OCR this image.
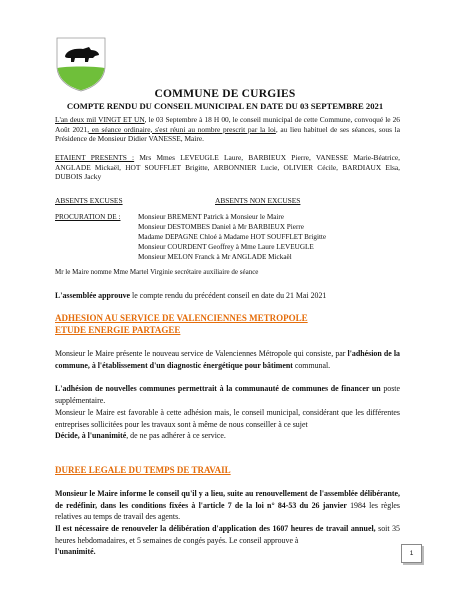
COMMUNE DE CURGIES
COMPTE RENDU DU CONSEIL MUNICIPAL EN DATE DU 03 SEPTEMBRE 2021
L'an deux mil VINGT ET UN, le 03 Septembre à 18 H 00, le conseil municipal de cette Commune, convoqué le 26 Août 2021, en séance ordinaire, s'est réuni au nombre prescrit par la loi, au lieu habituel de ses séances, sous la Présidence de Monsieur Didier VANESSE, Maire.
ETAIENT PRESENTS : Mrs Mmes LEVEUGLE Laure, BARBIEUX Pierre, VANESSE Marie-Béatrice, ANGLADE Mickaël, HOT SOUFFLET Brigitte, ARBONNIER Lucie, OLIVIER Cécile, BARDIAUX Elsa, DUBOIS Jacky
ABSENTS EXCUSES	ABSENTS NON EXCUSES
PROCURATION DE :	Monsieur BREMENT Patrick à Monsieur le Maire
Monsieur DESTOMBES Daniel à Mr BARBIEUX Pierre
Madame DEPAGNE Chloé à Madame HOT SOUFFLET Brigitte
Monsieur COURDENT Geoffrey à Mme Laure LEVEUGLE
Monsieur MELON Franck à Mr ANGLADE Mickaël
Mr le Maire nomme Mme Martel Virginie secrétaire auxiliaire de séance
L'assemblée approuve le compte rendu du précédent conseil en date du 21 Mai 2021
ADHESION AU SERVICE DE VALENCIENNES METROPOLE
ETUDE ENERGIE PARTAGEE
Monsieur le Maire présente le nouveau service de Valenciennes Métropole qui consiste, par l'adhésion de la commune, à l'établissement d'un diagnostic énergétique pour bâtiment communal.
L'adhésion de nouvelles communes permettrait à la communauté de communes de financer un poste supplémentaire.
Monsieur le Maire est favorable à cette adhésion mais, le conseil municipal, considérant que les différentes entreprises sollicitées pour les travaux sont à même de nous conseiller à ce sujet
Décide, à l'unanimité, de ne pas adhérer à ce service.
DUREE LEGALE DU TEMPS DE TRAVAIL
Monsieur le Maire informe le conseil qu'il y a lieu, suite au renouvellement de l'assemblée délibérante, de redéfinir, dans les conditions fixées à l'article 7 de la loi n° 84-53 du 26 janvier 1984 les règles relatives au temps de travail des agents.
Il est nécessaire de renouveler la délibération d'application des 1607 heures de travail annuel, soit 35 heures hebdomadaires, et 5 semaines de congés payés. Le conseil approuve à
l'unanimité.	1
